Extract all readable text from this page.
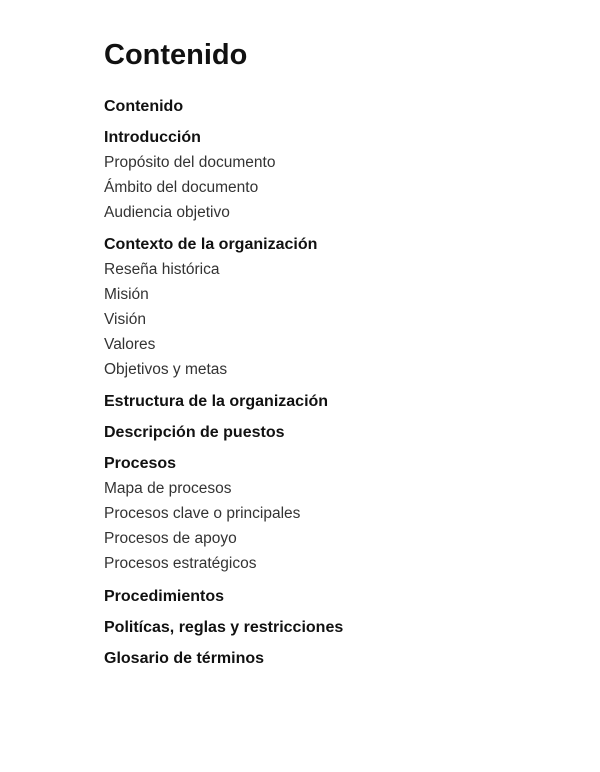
Contenido
Contenido
Introducción
Propósito del documento
Ámbito del documento
Audiencia objetivo
Contexto de la organización
Reseña histórica
Misión
Visión
Valores
Objetivos y metas
Estructura de la organización
Descripción de puestos
Procesos
Mapa de procesos
Procesos clave o principales
Procesos de apoyo
Procesos estratégicos
Procedimientos
Politícas, reglas y restricciones
Glosario de términos
